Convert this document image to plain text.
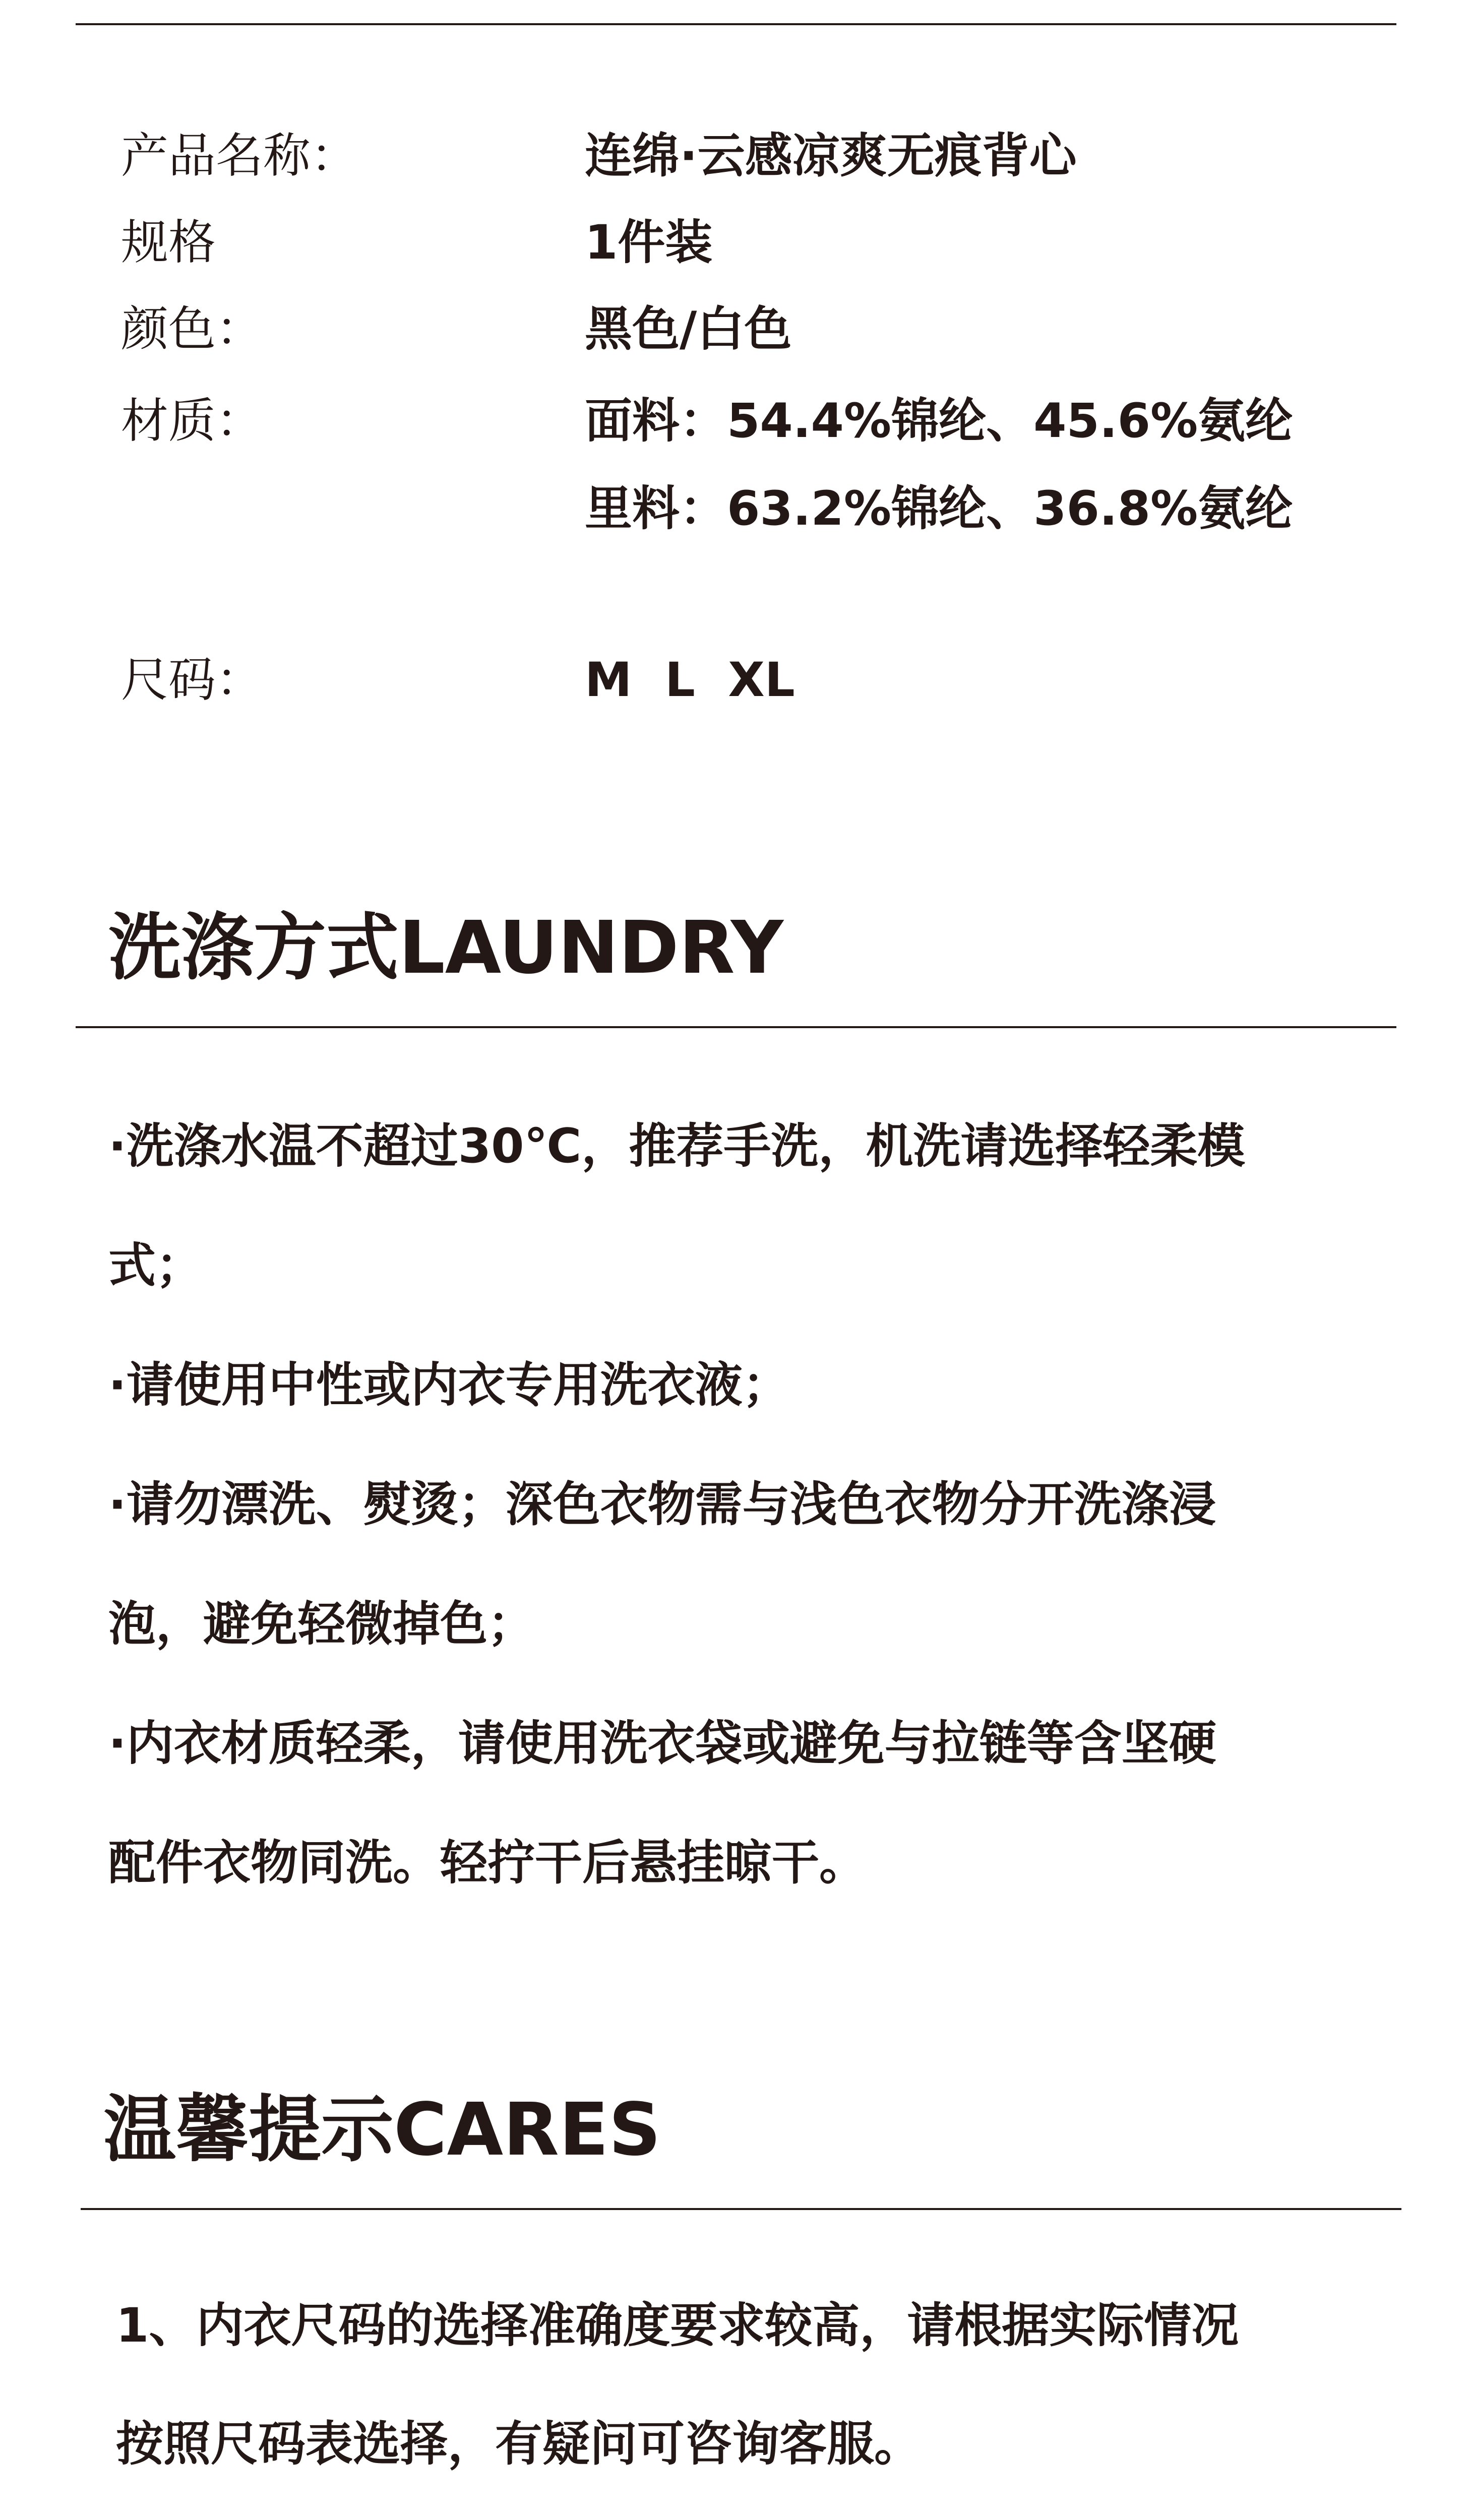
产品名称：	连绵·云感凉爽无痕背心
规格	1件装
颜色：	黑色/白色
材质：	面料：54.4%锦纶、45.6%氨纶
里料：63.2%锦纶、36.8%氨纶
尺码：	M  L  XL
洗涤方式LAUNDRY
·洗涤水温不超过30℃，推荐手洗，机洗请选择轻柔模
式；
·请使用中性或内衣专用洗衣液；
·请勿漂洗、熨烫；深色衣物需与浅色衣物分开洗涤浸
泡，避免轻微掉色；
·内衣材质轻柔，请使用洗衣袋或避免与拉链等含坚硬
配件衣物同洗。轻拧干后悬挂晾干。
温馨提示CARES
1、内衣尺码的选择准确度要求较高，请根据实际情况
按照尺码表选择，有疑问可咨询客服。
